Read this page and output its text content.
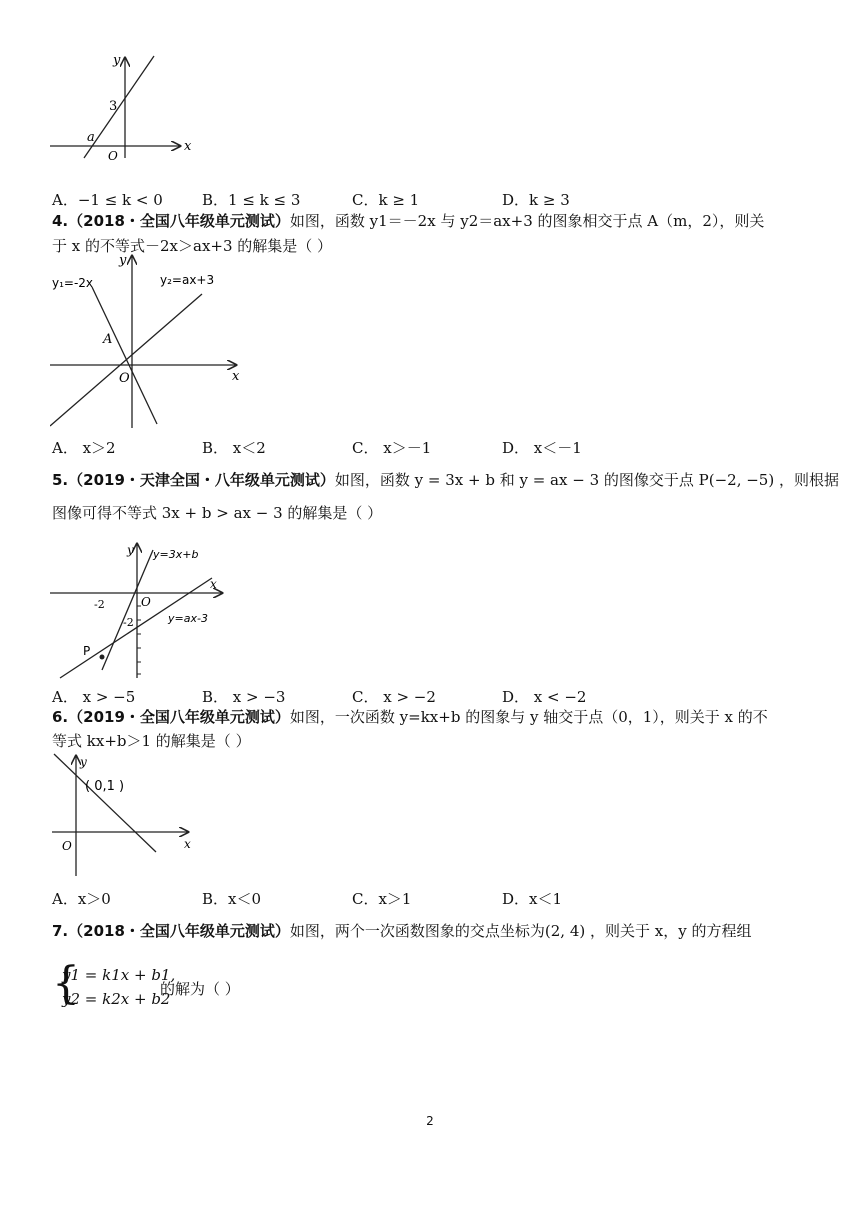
y
3
a
O
x
A．−1 ≤ k < 0	B．1 ≤ k ≤ 3	C．k ≥ 1	D．k ≥ 3
4.（2018・全国八年级单元测试）如图，函数 y1＝－2x 与 y2＝ax+3 的图象相交于点 A（m，2），则关
于 x 的不等式－2x＞ax+3 的解集是（ ）
y₁=-2x	y₂=ax+3
y
A
O	x
A． x＞2	B． x＜2	C． x＞－1	D． x＜－1
5.（2019・天津全国・八年级单元测试）如图，函数 y = 3x + b 和 y = ax − 3 的图像交于点 P(−2, −5) ，则根据
图像可得不等式 3x + b > ax − 3 的解集是（ ）
y=3x+b
y=ax-3
y
-2	O
-2
x
P
A． x > −5	B． x > −3	C． x > −2	D． x < −2
6.（2019・全国八年级单元测试）如图，一次函数 y=kx+b 的图象与 y 轴交于点（0，1），则关于 x 的不
等式 kx+b＞1 的解集是（ ）
( 0,1 )
y
O	x
A．x＞0	B．x＜0	C．x＞1	D．x＜1
7.（2018・全国八年级单元测试）如图，两个一次函数图象的交点坐标为(2, 4) ，则关于 x，y 的方程组
{
y1 = k1x + b1,
y2 = k2x + b2
的解为（ ）
2
